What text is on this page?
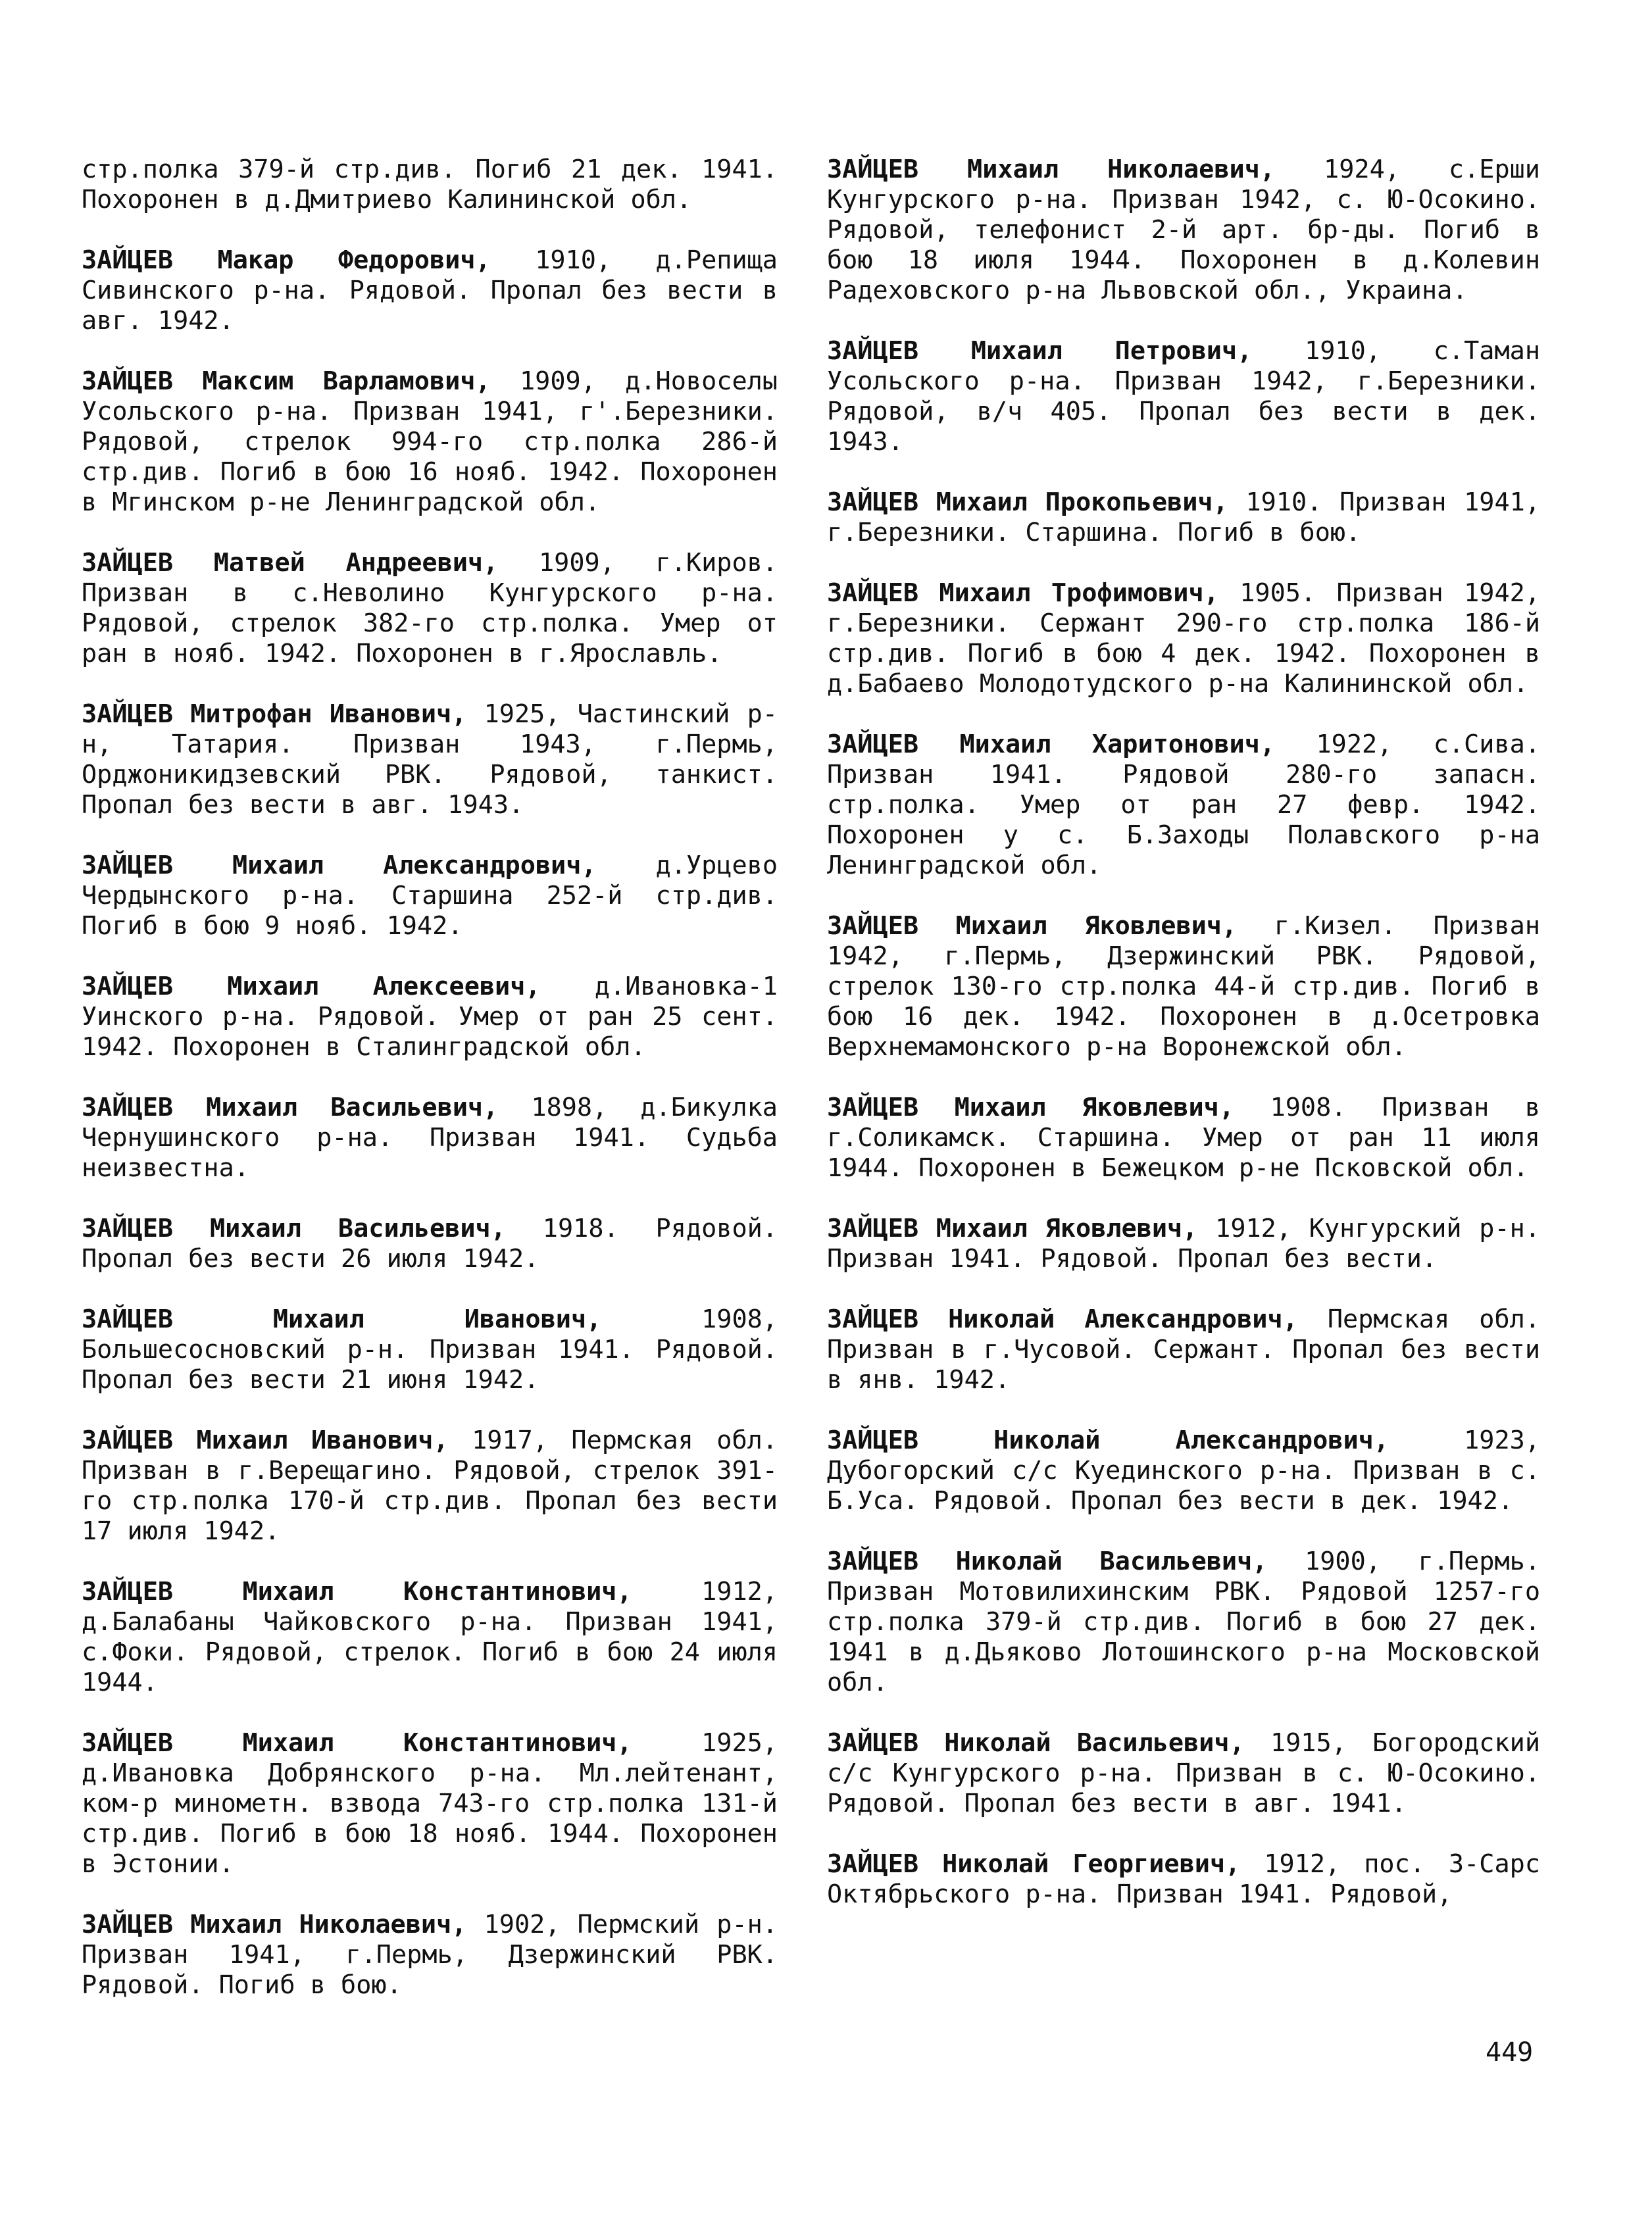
стр.полка 379-й стр.див. Погиб 21 дек. 1941. Похоронен в д.Дмитриево Калининской обл.

ЗАЙЦЕВ Макар Федорович, 1910, д.Репища Сивинского р-на. Рядовой. Пропал без вести в авг. 1942.

ЗАЙЦЕВ Максим Варламович, 1909, д.Новоселы Усольского р-на. Призван 1941, г'.Березники. Рядовой, стрелок 994-го стр.полка 286-й стр.див. Погиб в бою 16 нояб. 1942. Похоронен в Мгинском р-не Ленинградской обл.

ЗАЙЦЕВ Матвей Андреевич, 1909, г.Киров. Призван в с.Неволино Кунгурского р-на. Рядовой, стрелок 382-го стр.полка. Умер от ран в нояб. 1942. Похоронен в г.Ярославль.

ЗАЙЦЕВ Митрофан Иванович, 1925, Частинский р-н, Татария. Призван 1943, г.Пермь, Орджоникидзевский РВК. Рядовой, танкист. Пропал без вести в авг. 1943.

ЗАЙЦЕВ Михаил Александрович, д.Урцево Чердынского р-на. Старшина 252-й стр.див. Погиб в бою 9 нояб. 1942.

ЗАЙЦЕВ Михаил Алексеевич, д.Ивановка-1 Уинского р-на. Рядовой. Умер от ран 25 сент. 1942. Похоронен в Сталинградской обл.

ЗАЙЦЕВ Михаил Васильевич, 1898, д.Бикулка Чернушинского р-на. Призван 1941. Судьба неизвестна.

ЗАЙЦЕВ Михаил Васильевич, 1918. Рядовой. Пропал без вести 26 июля 1942.

ЗАЙЦЕВ Михаил Иванович,	1908, Большесосновский р-н. Призван 1941. Рядовой. Пропал без вести 21 июня 1942.

ЗАЙЦЕВ Михаил Иванович, 1917, Пермская обл. Призван в г.Верещагино. Рядовой, стрелок 391-го стр.полка 170-й стр.див. Пропал без вести 17 июля 1942.

ЗАЙЦЕВ Михаил Константинович,	1912, д.Балабаны Чайковского р-на. Призван 1941, с.Фоки. Рядовой, стрелок. Погиб в бою 24 июля 1944.

ЗАЙЦЕВ Михаил Константинович,	1925, д.Ивановка Добрянского р-на. Мл.лейтенант, ком-р минометн. взвода 743-го стр.полка 131-й стр.див. Погиб в бою 18 нояб. 1944. Похоронен в Эстонии.

ЗАЙЦЕВ Михаил Николаевич, 1902, Пермский р-н. Призван 1941, г.Пермь, Дзержинский РВК. Рядовой. Погиб в бою.

ЗАЙЦЕВ Михаил Николаевич, 1924, с.Ерши Кунгурского р-на. Призван 1942, с. Ю-Осокино. Рядовой, телефонист 2-й арт. бр-ды. Погиб в бою 18 июля 1944. Похоронен в д.Колевин Радеховского р-на Львовской обл., Украина.

ЗАЙЦЕВ Михаил Петрович, 1910, с.Таман Усольского р-на. Призван 1942, г.Березники. Рядовой, в/ч 405. Пропал без вести в дек. 1943.

ЗАЙЦЕВ Михаил Прокопьевич, 1910. Призван 1941, г.Березники. Старшина. Погиб в бою.

ЗАЙЦЕВ Михаил Трофимович, 1905. Призван 1942, г.Березники. Сержант 290-го стр.полка 186-й стр.див. Погиб в бою 4 дек. 1942. Похоронен в д.Бабаево Молодотудского р-на Калининской обл.

ЗАЙЦЕВ Михаил Харитонович, 1922, с.Сива. Призван 1941. Рядовой 280-го запасн. стр.полка. Умер от ран 27 февр. 1942. Похоронен у с. Б.Заходы Полавского р-на Ленинградской обл.

ЗАЙЦЕВ Михаил Яковлевич, г.Кизел. Призван 1942, г.Пермь, Дзержинский РВК. Рядовой, стрелок 130-го стр.полка 44-й стр.див. Погиб в бою 16 дек. 1942. Похоронен в д.Осетровка Верхнемамонского р-на Воронежской обл.

ЗАЙЦЕВ Михаил Яковлевич, 1908. Призван в г.Соликамск. Старшина. Умер от ран 11 июля 1944. Похоронен в Бежецком р-не Псковской обл.

ЗАЙЦЕВ Михаил Яковлевич, 1912, Кунгурский р-н. Призван 1941. Рядовой. Пропал без вести.

ЗАЙЦЕВ Николай Александрович, Пермская обл. Призван в г.Чусовой. Сержант. Пропал без вести в янв. 1942.

ЗАЙЦЕВ Николай Александрович,	1923, Дубогорский с/с Куединского р-на. Призван в с. Б.Уса. Рядовой. Пропал без вести в дек. 1942.

ЗАЙЦЕВ Николай Васильевич, 1900, г.Пермь. Призван Мотовилихинским РВК. Рядовой 1257-го стр.полка 379-й стр.див. Погиб в бою 27 дек. 1941 в д.Дьяково Лотошинского р-на Московской обл.

ЗАЙЦЕВ Николай Васильевич, 1915, Богородский с/с Кунгурского р-на. Призван в с. Ю-Осокино. Рядовой. Пропал без вести в авг. 1941.

ЗАЙЦЕВ Николай Георгиевич, 1912, пос. 3-Сарс Октябрьского р-на. Призван 1941. Рядовой,

449
